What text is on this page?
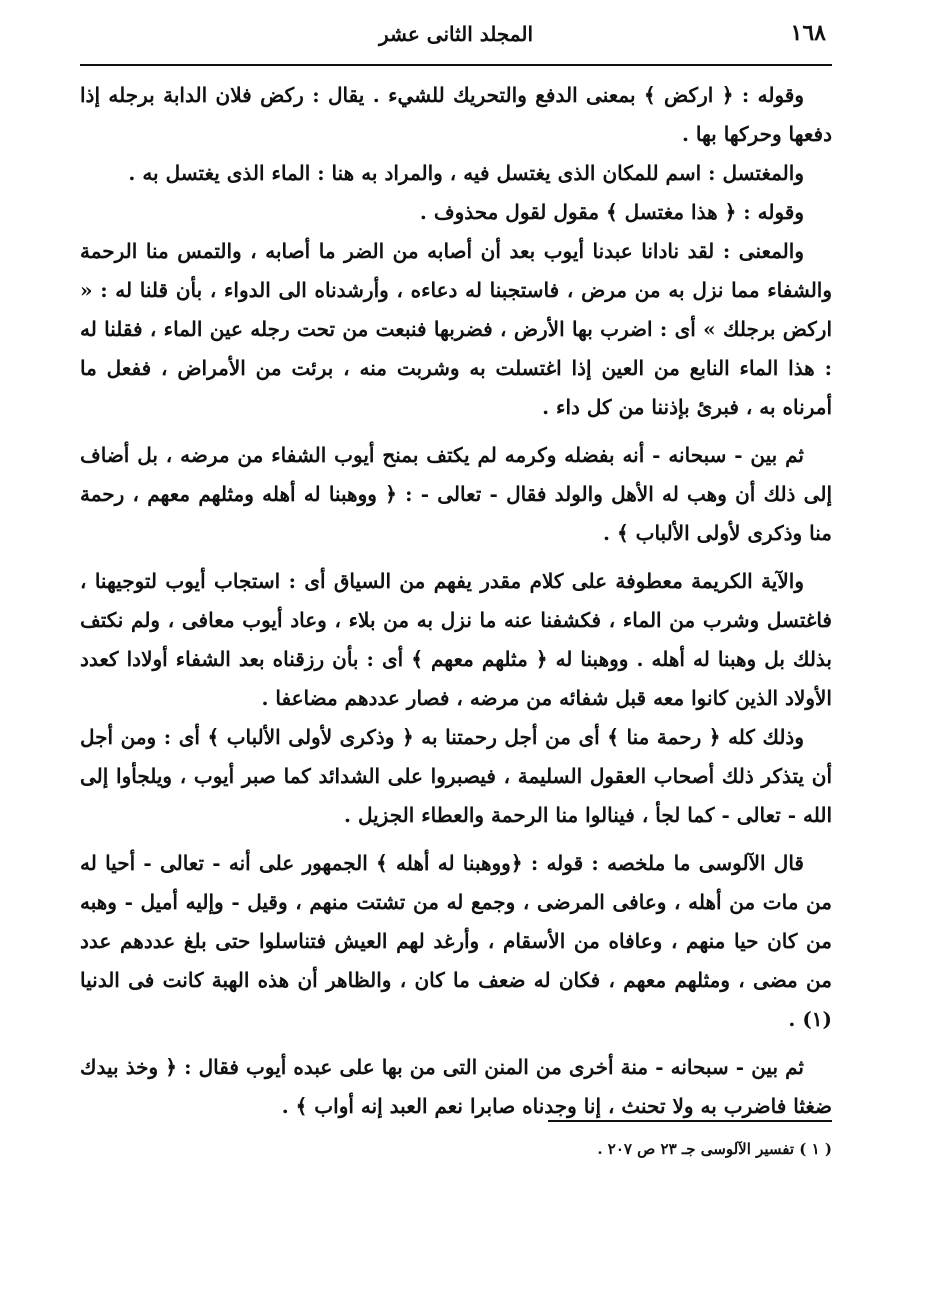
١٦٨
المجلد الثانى عشر

وقوله : ﴿ اركض ﴾ بمعنى الدفع والتحريك للشيء . يقال : ركض فلان الدابة برجله إذا دفعها وحركها بها .

والمغتسل : اسم للمكان الذى يغتسل فيه ، والمراد به هنا : الماء الذى يغتسل به .

وقوله : ﴿ هذا مغتسل ﴾ مقول لقول محذوف .

والمعنى : لقد نادانا عبدنا أيوب بعد أن أصابه من الضر ما أصابه ، والتمس منا الرحمة والشفاء مما نزل به من مرض ، فاستجبنا له دعاءه ، وأرشدناه الى الدواء ، بأن قلنا له : « اركض برجلك » أى : اضرب بها الأرض ، فضربها فنبعت من تحت رجله عين الماء ، فقلنا له : هذا الماء النابع من العين إذا اغتسلت به وشربت منه ، برئت من الأمراض ، ففعل ما أمرناه به ، فبرئ بإذننا من كل داء .

ثم بين - سبحانه - أنه بفضله وكرمه لم يكتف بمنح أيوب الشفاء من مرضه ، بل أضاف إلى ذلك أن وهب له الأهل والولد فقال - تعالى - : ﴿ ووهبنا له أهله ومثلهم معهم ، رحمة منا وذكرى لأولى الألباب ﴾ .

والآية الكريمة معطوفة على كلام مقدر يفهم من السياق أى : استجاب أيوب لتوجيهنا ، فاغتسل وشرب من الماء ، فكشفنا عنه ما نزل به من بلاء ، وعاد أيوب معافى ، ولم نكتف بذلك بل وهبنا له أهله . ووهبنا له ﴿ مثلهم معهم ﴾ أى : بأن رزقناه بعد الشفاء أولادا كعدد الأولاد الذين كانوا معه قبل شفائه من مرضه ، فصار عددهم مضاعفا .

وذلك كله ﴿ رحمة منا ﴾ أى من أجل رحمتنا به ﴿ وذكرى لأولى الألباب ﴾ أى : ومن أجل أن يتذكر ذلك أصحاب العقول السليمة ، فيصبروا على الشدائد كما صبر أيوب ، ويلجأوا إلى الله - تعالى - كما لجأ ، فينالوا منا الرحمة والعطاء الجزيل .

قال الآلوسى ما ملخصه : قوله : ﴿ووهبنا له أهله ﴾ الجمهور على أنه - تعالى - أحيا له من مات من أهله ، وعافى المرضى ، وجمع له من تشتت منهم ، وقيل - وإليه أميل - وهبه من كان حيا منهم ، وعافاه من الأسقام ، وأرغد لهم العيش فتناسلوا حتى بلغ عددهم عدد من مضى ، ومثلهم معهم ، فكان له ضعف ما كان ، والظاهر أن هذه الهبة كانت فى الدنيا (١) .

ثم بين - سبحانه - منة أخرى من المنن التى من بها على عبده أيوب فقال : ﴿ وخذ بيدك ضغثا فاضرب به ولا تحنث ، إنا وجدناه صابرا نعم العبد إنه أواب ﴾ .

( ١ ) تفسير الآلوسى جـ ٢٣ ص ٢٠٧ .
